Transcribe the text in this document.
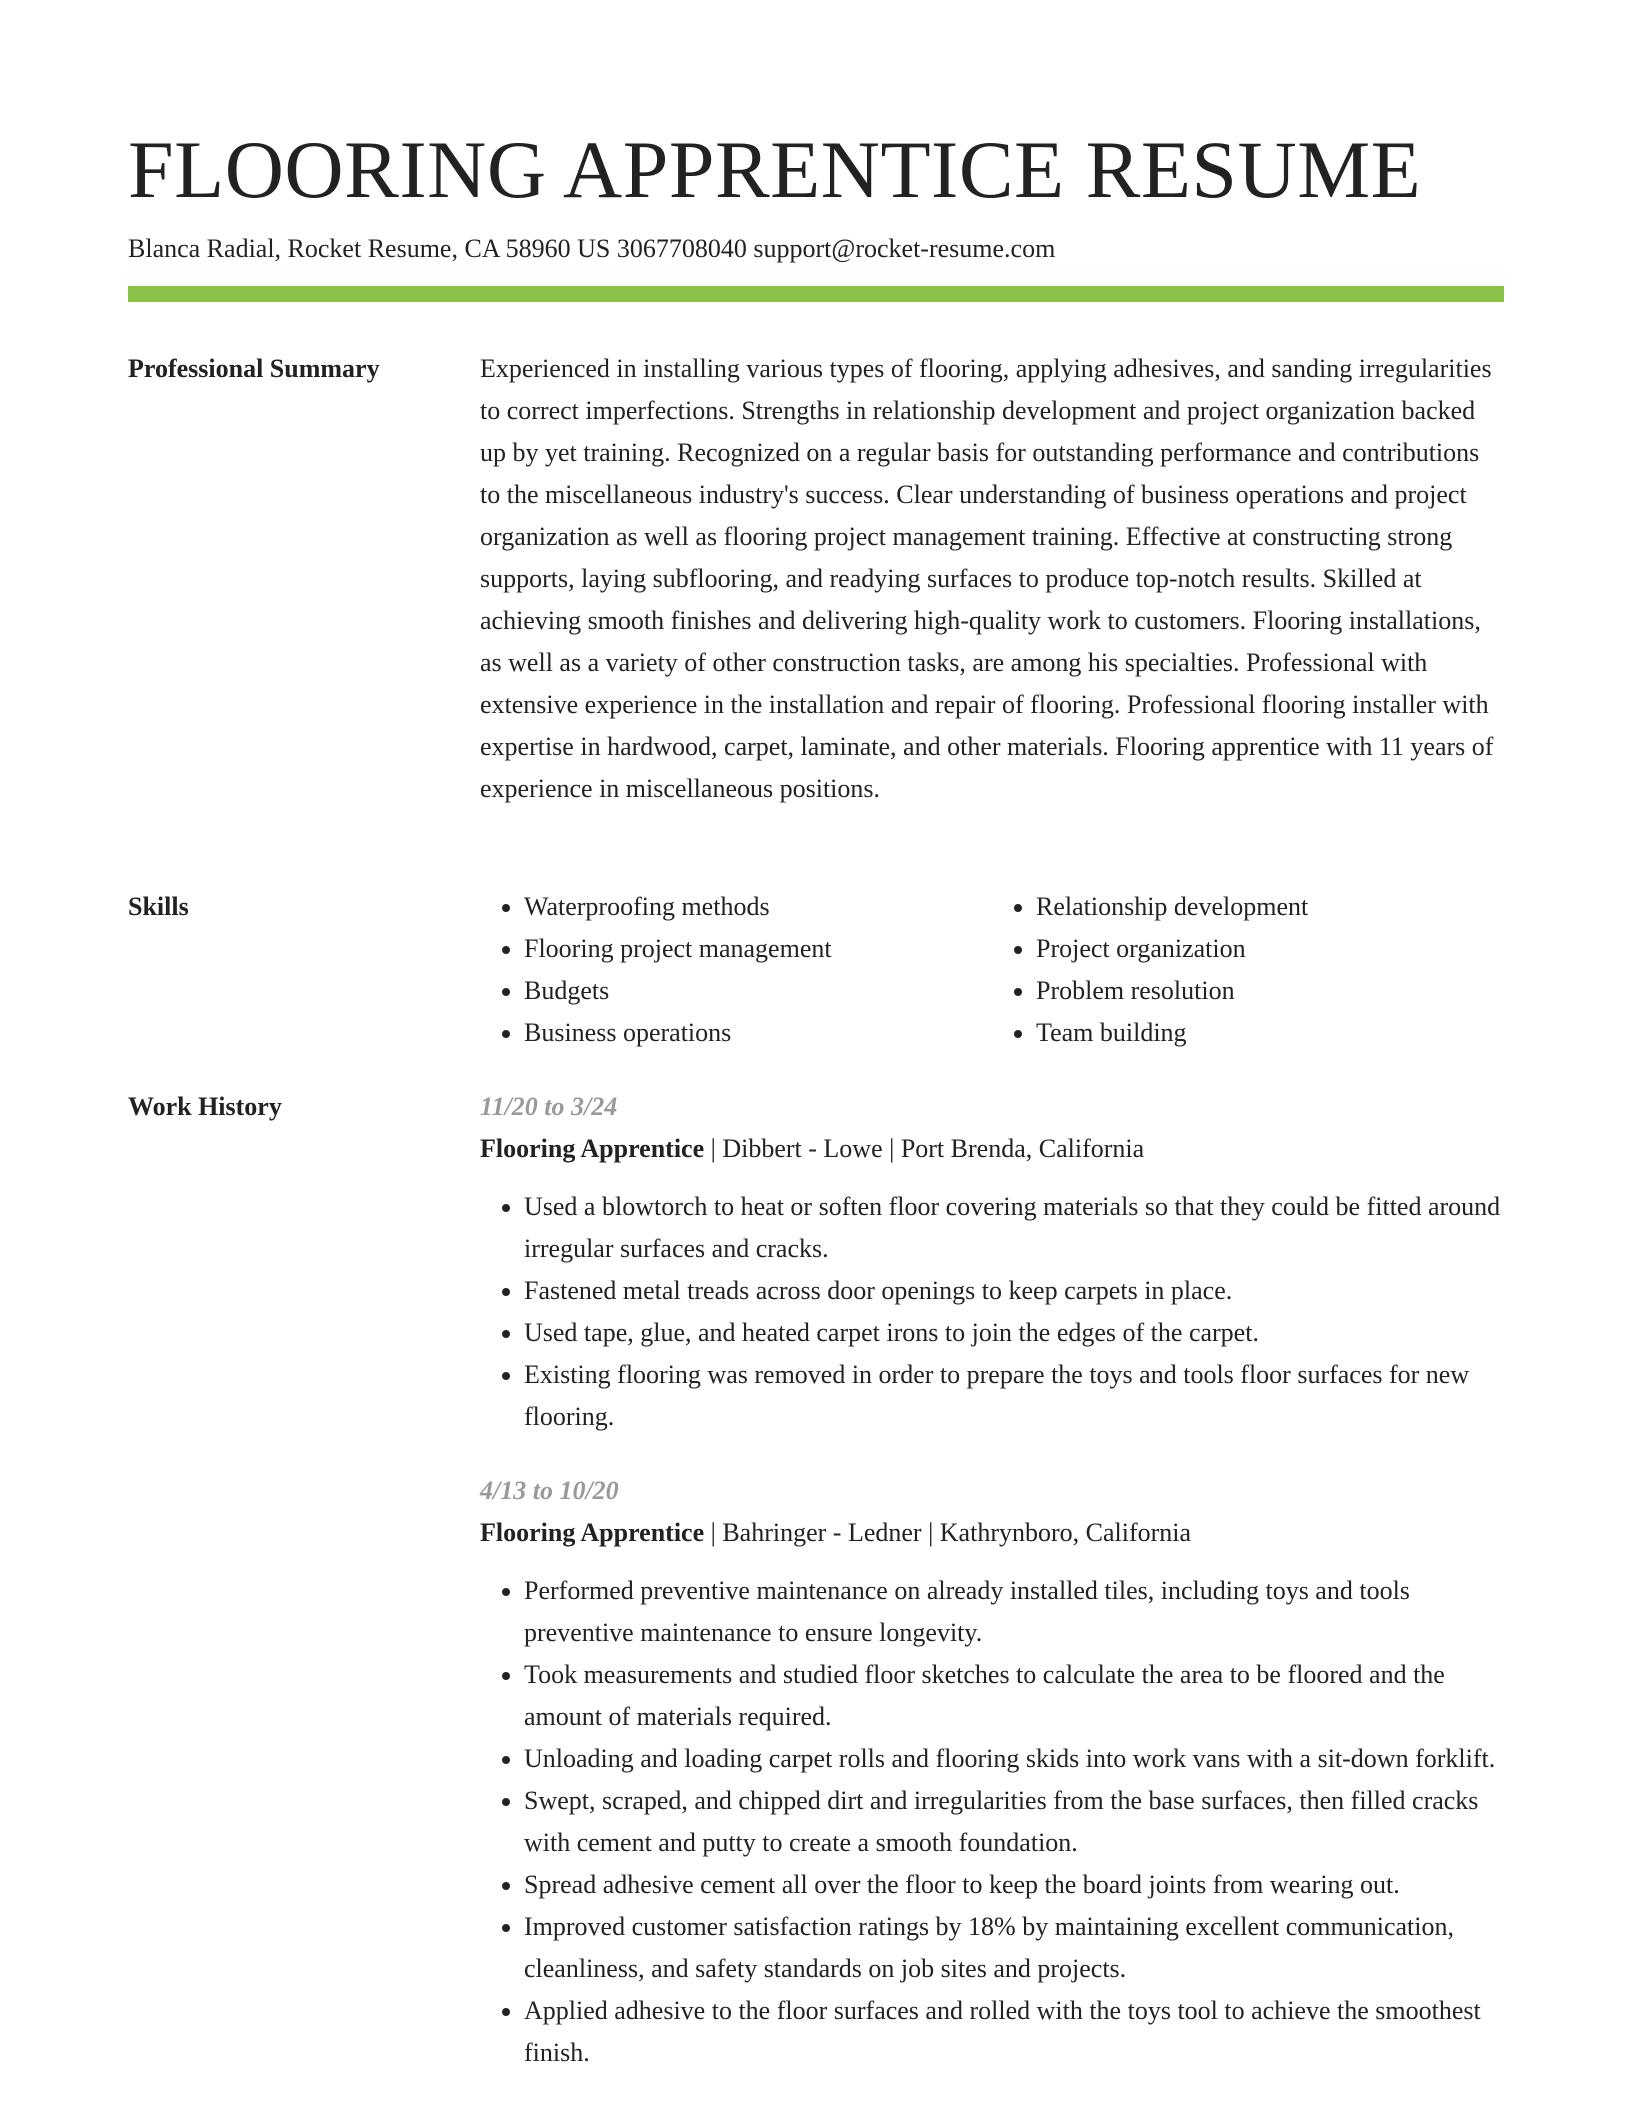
FLOORING APPRENTICE RESUME
Blanca Radial, Rocket Resume, CA 58960 US 3067708040 support@rocket-resume.com
Professional Summary	Experienced in installing various types of flooring, applying adhesives, and sanding irregularities to correct imperfections. Strengths in relationship development and project organization backed up by yet training. Recognized on a regular basis for outstanding performance and contributions to the miscellaneous industry's success. Clear understanding of business operations and project organization as well as flooring project management training. Effective at constructing strong supports, laying subflooring, and readying surfaces to produce top-notch results. Skilled at achieving smooth finishes and delivering high-quality work to customers. Flooring installations, as well as a variety of other construction tasks, are among his specialties. Professional with extensive experience in the installation and repair of flooring. Professional flooring installer with expertise in hardwood, carpet, laminate, and other materials. Flooring apprentice with 11 years of experience in miscellaneous positions.

Skills
•	Waterproofing methods
• Flooring project management
• Budgets
• Business operations
• Relationship development
• Project organization
• Problem resolution
• Team building
Work History	11/20 to 3/24
Flooring Apprentice | Dibbert - Lowe | Port Brenda, California
• Used a blowtorch to heat or soften floor covering materials so that they could be fitted around irregular surfaces and cracks.
• Fastened metal treads across door openings to keep carpets in place.
• Used tape, glue, and heated carpet irons to join the edges of the carpet.
• Existing flooring was removed in order to prepare the toys and tools floor surfaces for new flooring.
4/13 to 10/20
Flooring Apprentice | Bahringer - Ledner | Kathrynboro, California
• Performed preventive maintenance on already installed tiles, including toys and tools preventive maintenance to ensure longevity.
• Took measurements and studied floor sketches to calculate the area to be floored and the amount of materials required.
• Unloading and loading carpet rolls and flooring skids into work vans with a sit-down forklift.
• Swept, scraped, and chipped dirt and irregularities from the base surfaces, then filled cracks with cement and putty to create a smooth foundation.
• Spread adhesive cement all over the floor to keep the board joints from wearing out.
• Improved customer satisfaction ratings by 18% by maintaining excellent communication, cleanliness, and safety standards on job sites and projects.
• Applied adhesive to the floor surfaces and rolled with the toys tool to achieve the smoothest finish.
